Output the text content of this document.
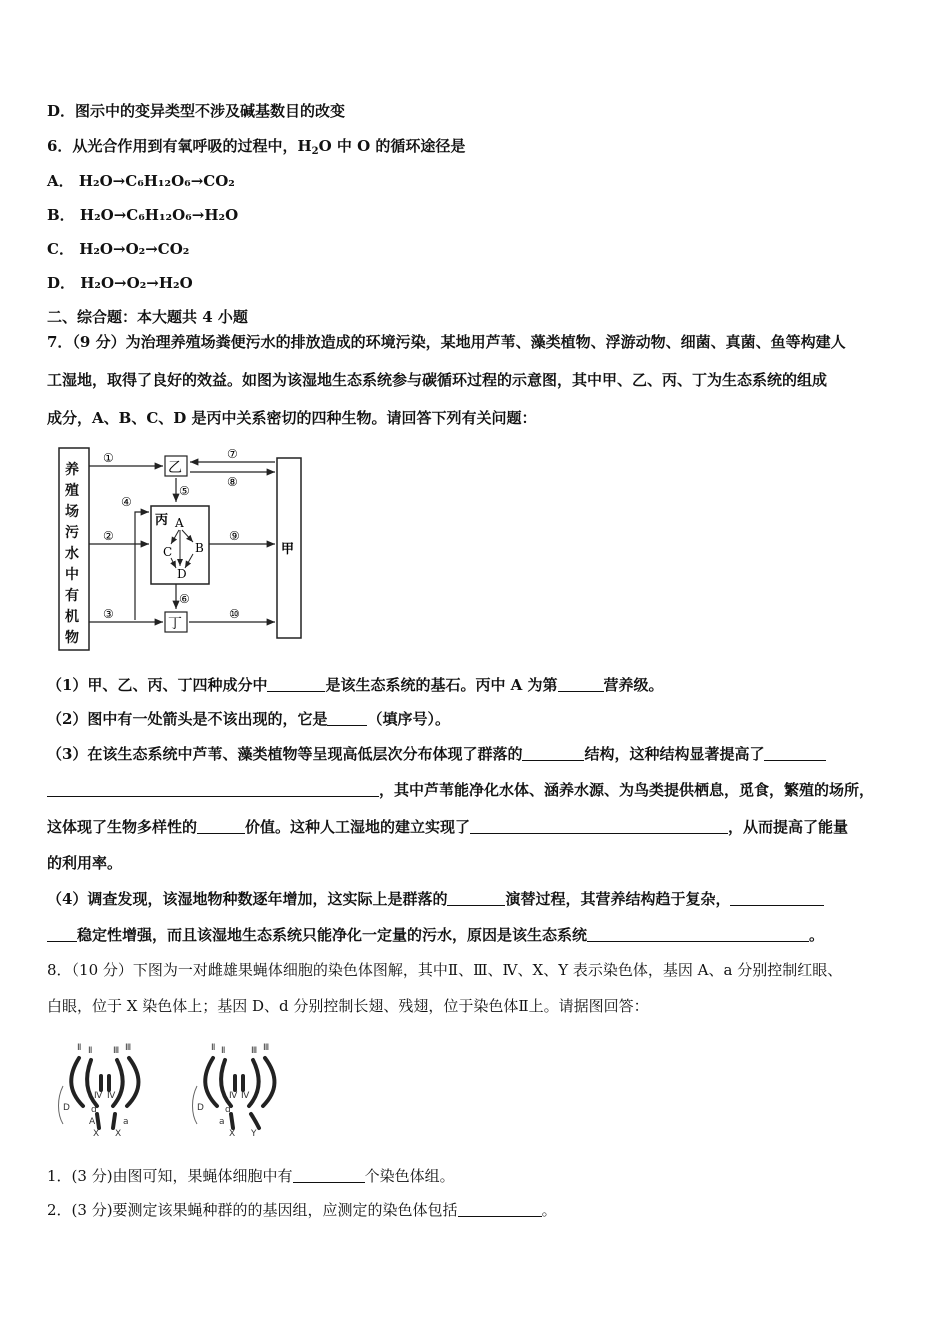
D．图示中的变异类型不涉及碱基数目的改变
6．从光合作用到有氧呼吸的过程中，$H_2O$ 中 O 的循环途径是
A． H₂O→C₆H₁₂O₆→CO₂
B． H₂O→C₆H₁₂O₆→H₂O
C． H₂O→O₂→CO₂
D． H₂O→O₂→H₂O
二、综合题：本大题共 4 小题
7．（9 分）为治理养殖场粪便污水的排放造成的环境污染，某地用芦苇、藻类植物、浮游动物、细菌、真菌、鱼等构建人
工湿地，取得了良好的效益。如图为该湿地生态系统参与碳循环过程的示意图，其中甲、乙、丙、丁为生态系统的组成
成分，A、B、C、D 是丙中关系密切的四种生物。请回答下列有关问题：
养
殖
场
污
水
中
有
机
物
甲
乙
丙 A
C B
D
丁
①
②
③
④
⑤
⑥
⑦
⑧
⑨
⑩
（1）甲、乙、丙、丁四种成分中	是该生态系统的基石。丙中 A 为第	营养级。
（2）图中有一处箭头是不该出现的，它是	（填序号）。
（3）在该生态系统中芦苇、藻类植物等呈现高低层次分布体现了群落的	结构，这种结构显著提高了
，其中芦苇能净化水体、涵养水源、为鸟类提供栖息，觅食，繁殖的场所，
这体现了生物多样性的	价值。这种人工湿地的建立实现了	，从而提高了能量
的利用率。
（4）调查发现，该湿地物种数逐年增加，这实际上是群落的	演替过程，其营养结构趋于复杂，
稳定性增强，而且该湿地生态系统只能净化一定量的污水，原因是该生态系统	。
8．（10 分）下图为一对雌雄果蝇体细胞的染色体图解，其中Ⅱ、Ⅲ、Ⅳ、X、Y 表示染色体，基因 A、a 分别控制红眼、
白眼，位于 X 染色体上；基因 D、d 分别控制长翅、残翅，位于染色体Ⅱ上。请据图回答：
Ⅱ Ⅱ Ⅲ Ⅲ
Ⅳ Ⅳ
D d
A	a
X X
Ⅱ Ⅱ	Ⅲ Ⅲ
Ⅳ Ⅳ
D d
a
X Y
1．(3 分)由图可知，果蝇体细胞中有	个染色体组。
2．(3 分)要测定该果蝇种群的的基因组，应测定的染色体包括	。
